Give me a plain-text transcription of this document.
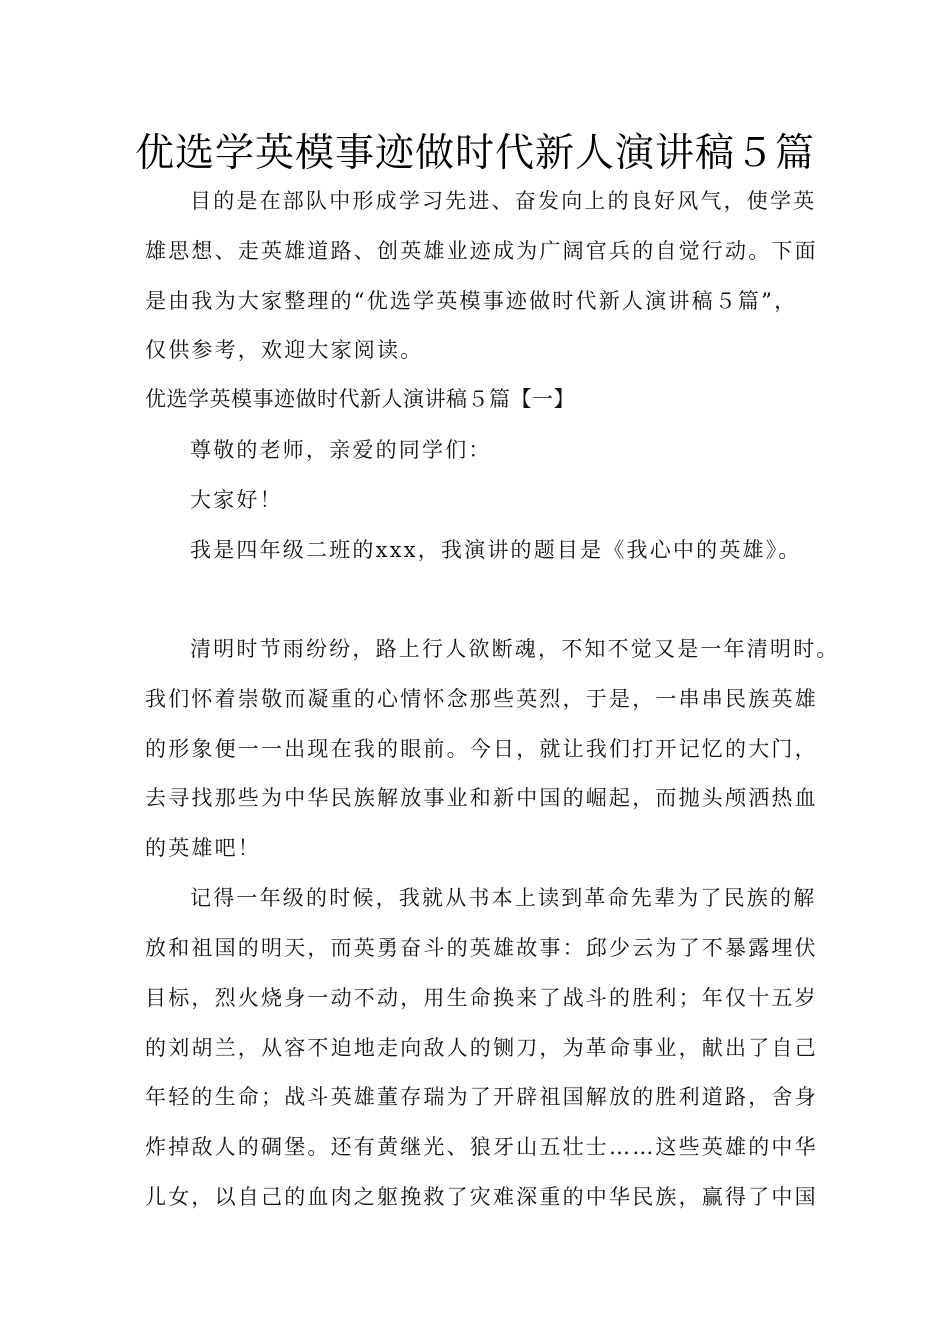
优选学英模事迹做时代新人演讲稿５篇
目的是在部队中形成学习先进、奋发向上的良好风气，使学英
雄思想、走英雄道路、创英雄业迹成为广阔官兵的自觉行动。下面
是由我为大家整理的“优选学英模事迹做时代新人演讲稿５篇”，
仅供参考，欢迎大家阅读。
优选学英模事迹做时代新人演讲稿５篇【一】
尊敬的老师，亲爱的同学们：
大家好！
我是四年级二班的xxx，我演讲的题目是《我心中的英雄》。
清明时节雨纷纷，路上行人欲断魂，不知不觉又是一年清明时。
我们怀着崇敬而凝重的心情怀念那些英烈，于是，一串串民族英雄
的形象便一一出现在我的眼前。今日，就让我们打开记忆的大门，
去寻找那些为中华民族解放事业和新中国的崛起，而抛头颅洒热血
的英雄吧！
记得一年级的时候，我就从书本上读到革命先辈为了民族的解
放和祖国的明天，而英勇奋斗的英雄故事：邱少云为了不暴露埋伏
目标，烈火烧身一动不动，用生命换来了战斗的胜利；年仅十五岁
的刘胡兰，从容不迫地走向敌人的铡刀，为革命事业，献出了自己
年轻的生命；战斗英雄董存瑞为了开辟祖国解放的胜利道路，舍身
炸掉敌人的碉堡。还有黄继光、狼牙山五壮士……这些英雄的中华
儿女，以自己的血肉之躯挽救了灾难深重的中华民族，赢得了中国
